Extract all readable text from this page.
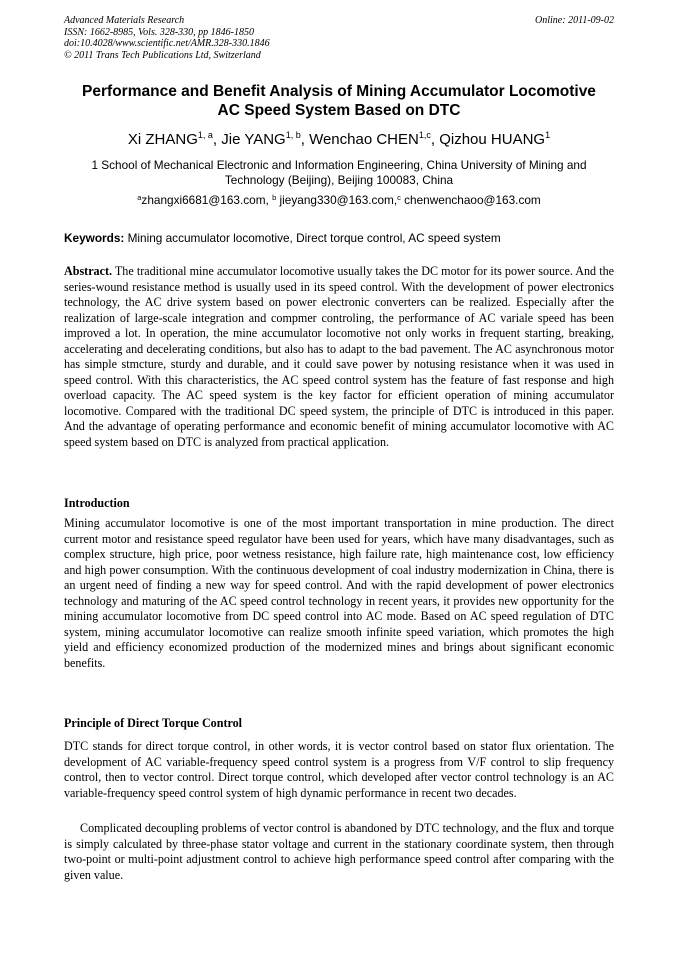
Advanced Materials Research
ISSN: 1662-8985, Vols. 328-330, pp 1846-1850
doi:10.4028/www.scientific.net/AMR.328-330.1846
© 2011 Trans Tech Publications Ltd, Switzerland
Online: 2011-09-02
Performance and Benefit Analysis of Mining Accumulator Locomotive
AC Speed System Based on DTC
Xi ZHANG$^{1, a}$, Jie YANG$^{1, b}$, Wenchao CHEN$^{1,c}$, Qizhou HUANG$^1$
1 School of Mechanical Electronic and Information Engineering, China University of Mining and Technology (Beijing), Beijing 100083, China
$^a$zhangxi6681@163.com, $^b$ jieyang330@163.com,$^c$ chenwenchaoo@163.com
Keywords: Mining accumulator locomotive, Direct torque control, AC speed system
Abstract. The traditional mine accumulator locomotive usually takes the DC motor for its power source. And the series-wound resistance method is usually used in its speed control. With the development of power electronics technology, the AC drive system based on power electronic converters can be realized. Especially after the realization of large-scale integration and compmer controling, the performance of AC variale speed has been improved a lot. In operation, the mine accumulator locomotive not only works in frequent starting, breaking, accelerating and decelerating conditions, but also has to adapt to the bad pavement. The AC asynchronous motor has simple stmcture, sturdy and durable, and it could save power by notusing resistance when it was used in speed control. With this characteristics, the AC speed control system has the feature of fast response and high overload capacity. The AC speed system is the key factor for efficient operation of mining accumulator locomotive. Compared with the traditional DC speed system, the principle of DTC is introduced in this paper. And the advantage of operating performance and economic benefit of mining accumulator locomotive with AC speed system based on DTC is analyzed from practical application.
Introduction
Mining accumulator locomotive is one of the most important transportation in mine production. The direct current motor and resistance speed regulator have been used for years, which have many disadvantages, such as complex structure, high price, poor wetness resistance, high failure rate, high maintenance cost, low efficiency and high power consumption. With the continuous development of coal industry modernization in China, there is an urgent need of finding a new way for speed control. And with the rapid development of power electronics technology and maturing of the AC speed control technology in recent years, it provides new opportunity for the mining accumulator locomotive from DC speed control into AC mode. Based on AC speed regulation of DTC system, mining accumulator locomotive can realize smooth infinite speed variation, which promotes the high yield and efficiency economized production of the modernized mines and brings about significant economic benefits.
Principle of Direct Torque Control
DTC stands for direct torque control, in other words, it is vector control based on stator flux orientation. The development of AC variable-frequency speed control system is a progress from V/F control to slip frequency control, then to vector control. Direct torque control, which developed after vector control technology is an AC variable-frequency speed control system of high dynamic performance in recent two decades.
Complicated decoupling problems of vector control is abandoned by DTC technology, and the flux and torque is simply calculated by three-phase stator voltage and current in the stationary coordinate system, then through two-point or multi-point adjustment control to achieve high performance speed control after comparing with the given value.
